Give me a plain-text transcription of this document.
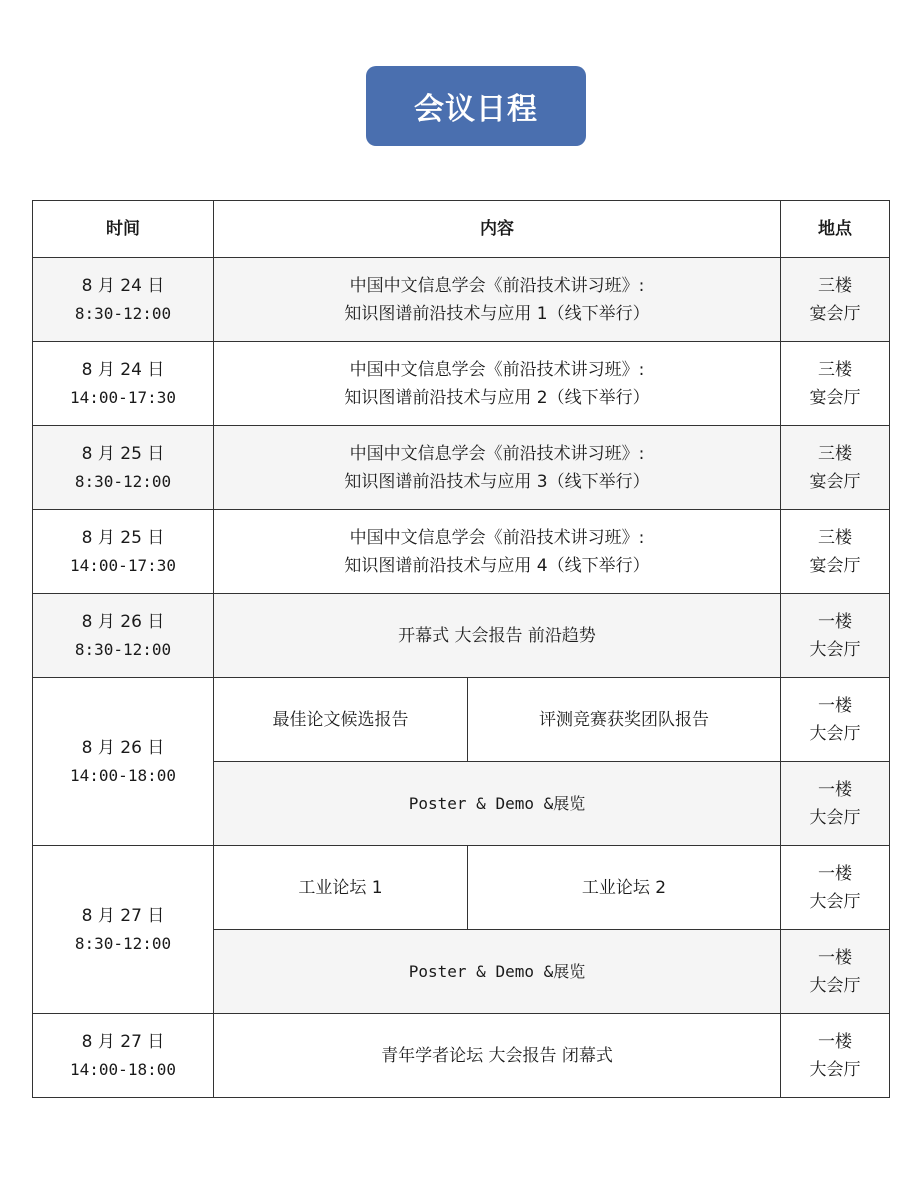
会议日程
时间	内容		地点

8 月 24 日
8:30-12:00	中国中文信息学会《前沿技术讲习班》:
知识图谱前沿技术与应用 1（线下举行）		三楼
宴会厅

8 月 24 日
14:00-17:30	中国中文信息学会《前沿技术讲习班》:
知识图谱前沿技术与应用 2（线下举行）		三楼
宴会厅

8 月 25 日
8:30-12:00	中国中文信息学会《前沿技术讲习班》:
知识图谱前沿技术与应用 3（线下举行）		三楼
宴会厅

8 月 25 日
14:00-17:30	中国中文信息学会《前沿技术讲习班》:
知识图谱前沿技术与应用 4（线下举行）		三楼
宴会厅

8 月 26 日
8:30-12:00	开幕式 大会报告 前沿趋势		一楼
大会厅

8 月 26 日
14:00-18:00	最佳论文候选报告	评测竞赛获奖团队报告	一楼
大会厅

	Poster & Demo &展览		一楼
大会厅

8 月 27 日
8:30-12:00	工业论坛 1	工业论坛 2	一楼
大会厅

	Poster & Demo &展览		一楼
大会厅

8 月 27 日
14:00-18:00	青年学者论坛 大会报告 闭幕式		一楼
大会厅
